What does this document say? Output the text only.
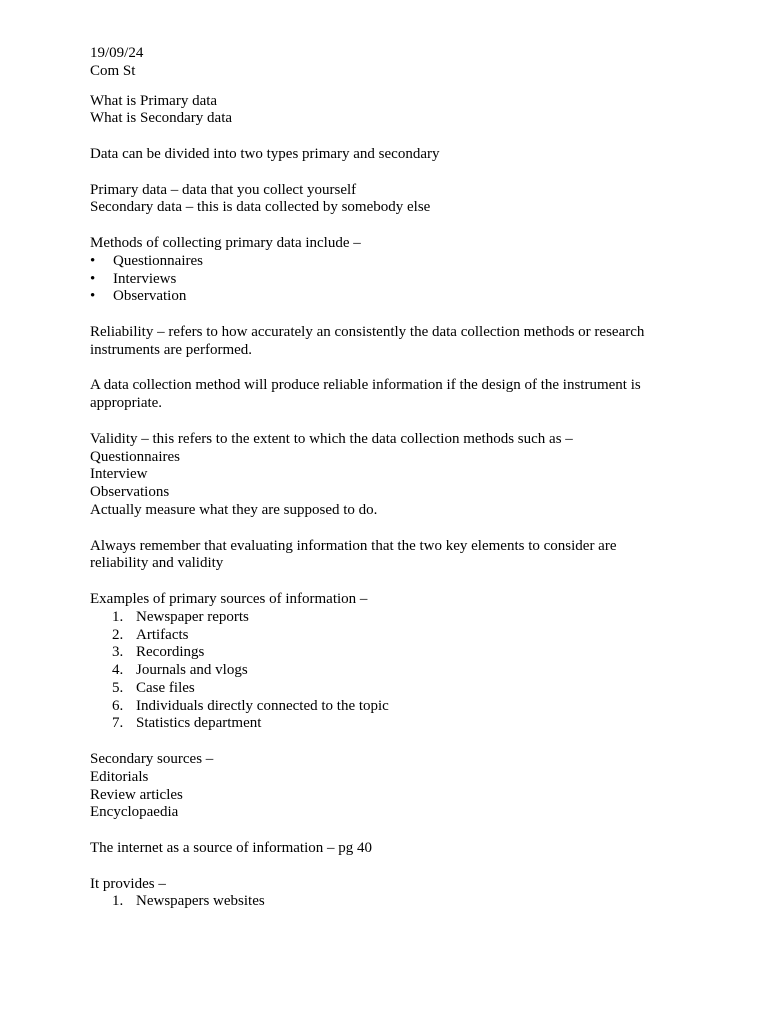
19/09/24
Com St
What is Primary data
What is Secondary data
Data can be divided into two types primary and secondary
Primary data – data that you collect yourself
Secondary data – this is data collected by somebody else
Methods of collecting primary data include –
• Questionnaires
• Interviews
• Observation
Reliability – refers to how accurately an consistently the data collection methods or research instruments are performed.
A data collection method will produce reliable information if the design of the instrument is appropriate.
Validity – this refers to the extent to which the data collection methods such as –
Questionnaires
Interview
Observations
Actually measure what they are supposed to do.
Always remember that evaluating information that the two key elements to consider are reliability and validity
Examples of primary sources of information –
1. Newspaper reports
2. Artifacts
3. Recordings
4. Journals and vlogs
5. Case files
6. Individuals directly connected to the topic
7. Statistics department
Secondary sources –
Editorials
Review articles
Encyclopaedia
The internet as a source of information – pg 40
It provides –
1. Newspapers websites
